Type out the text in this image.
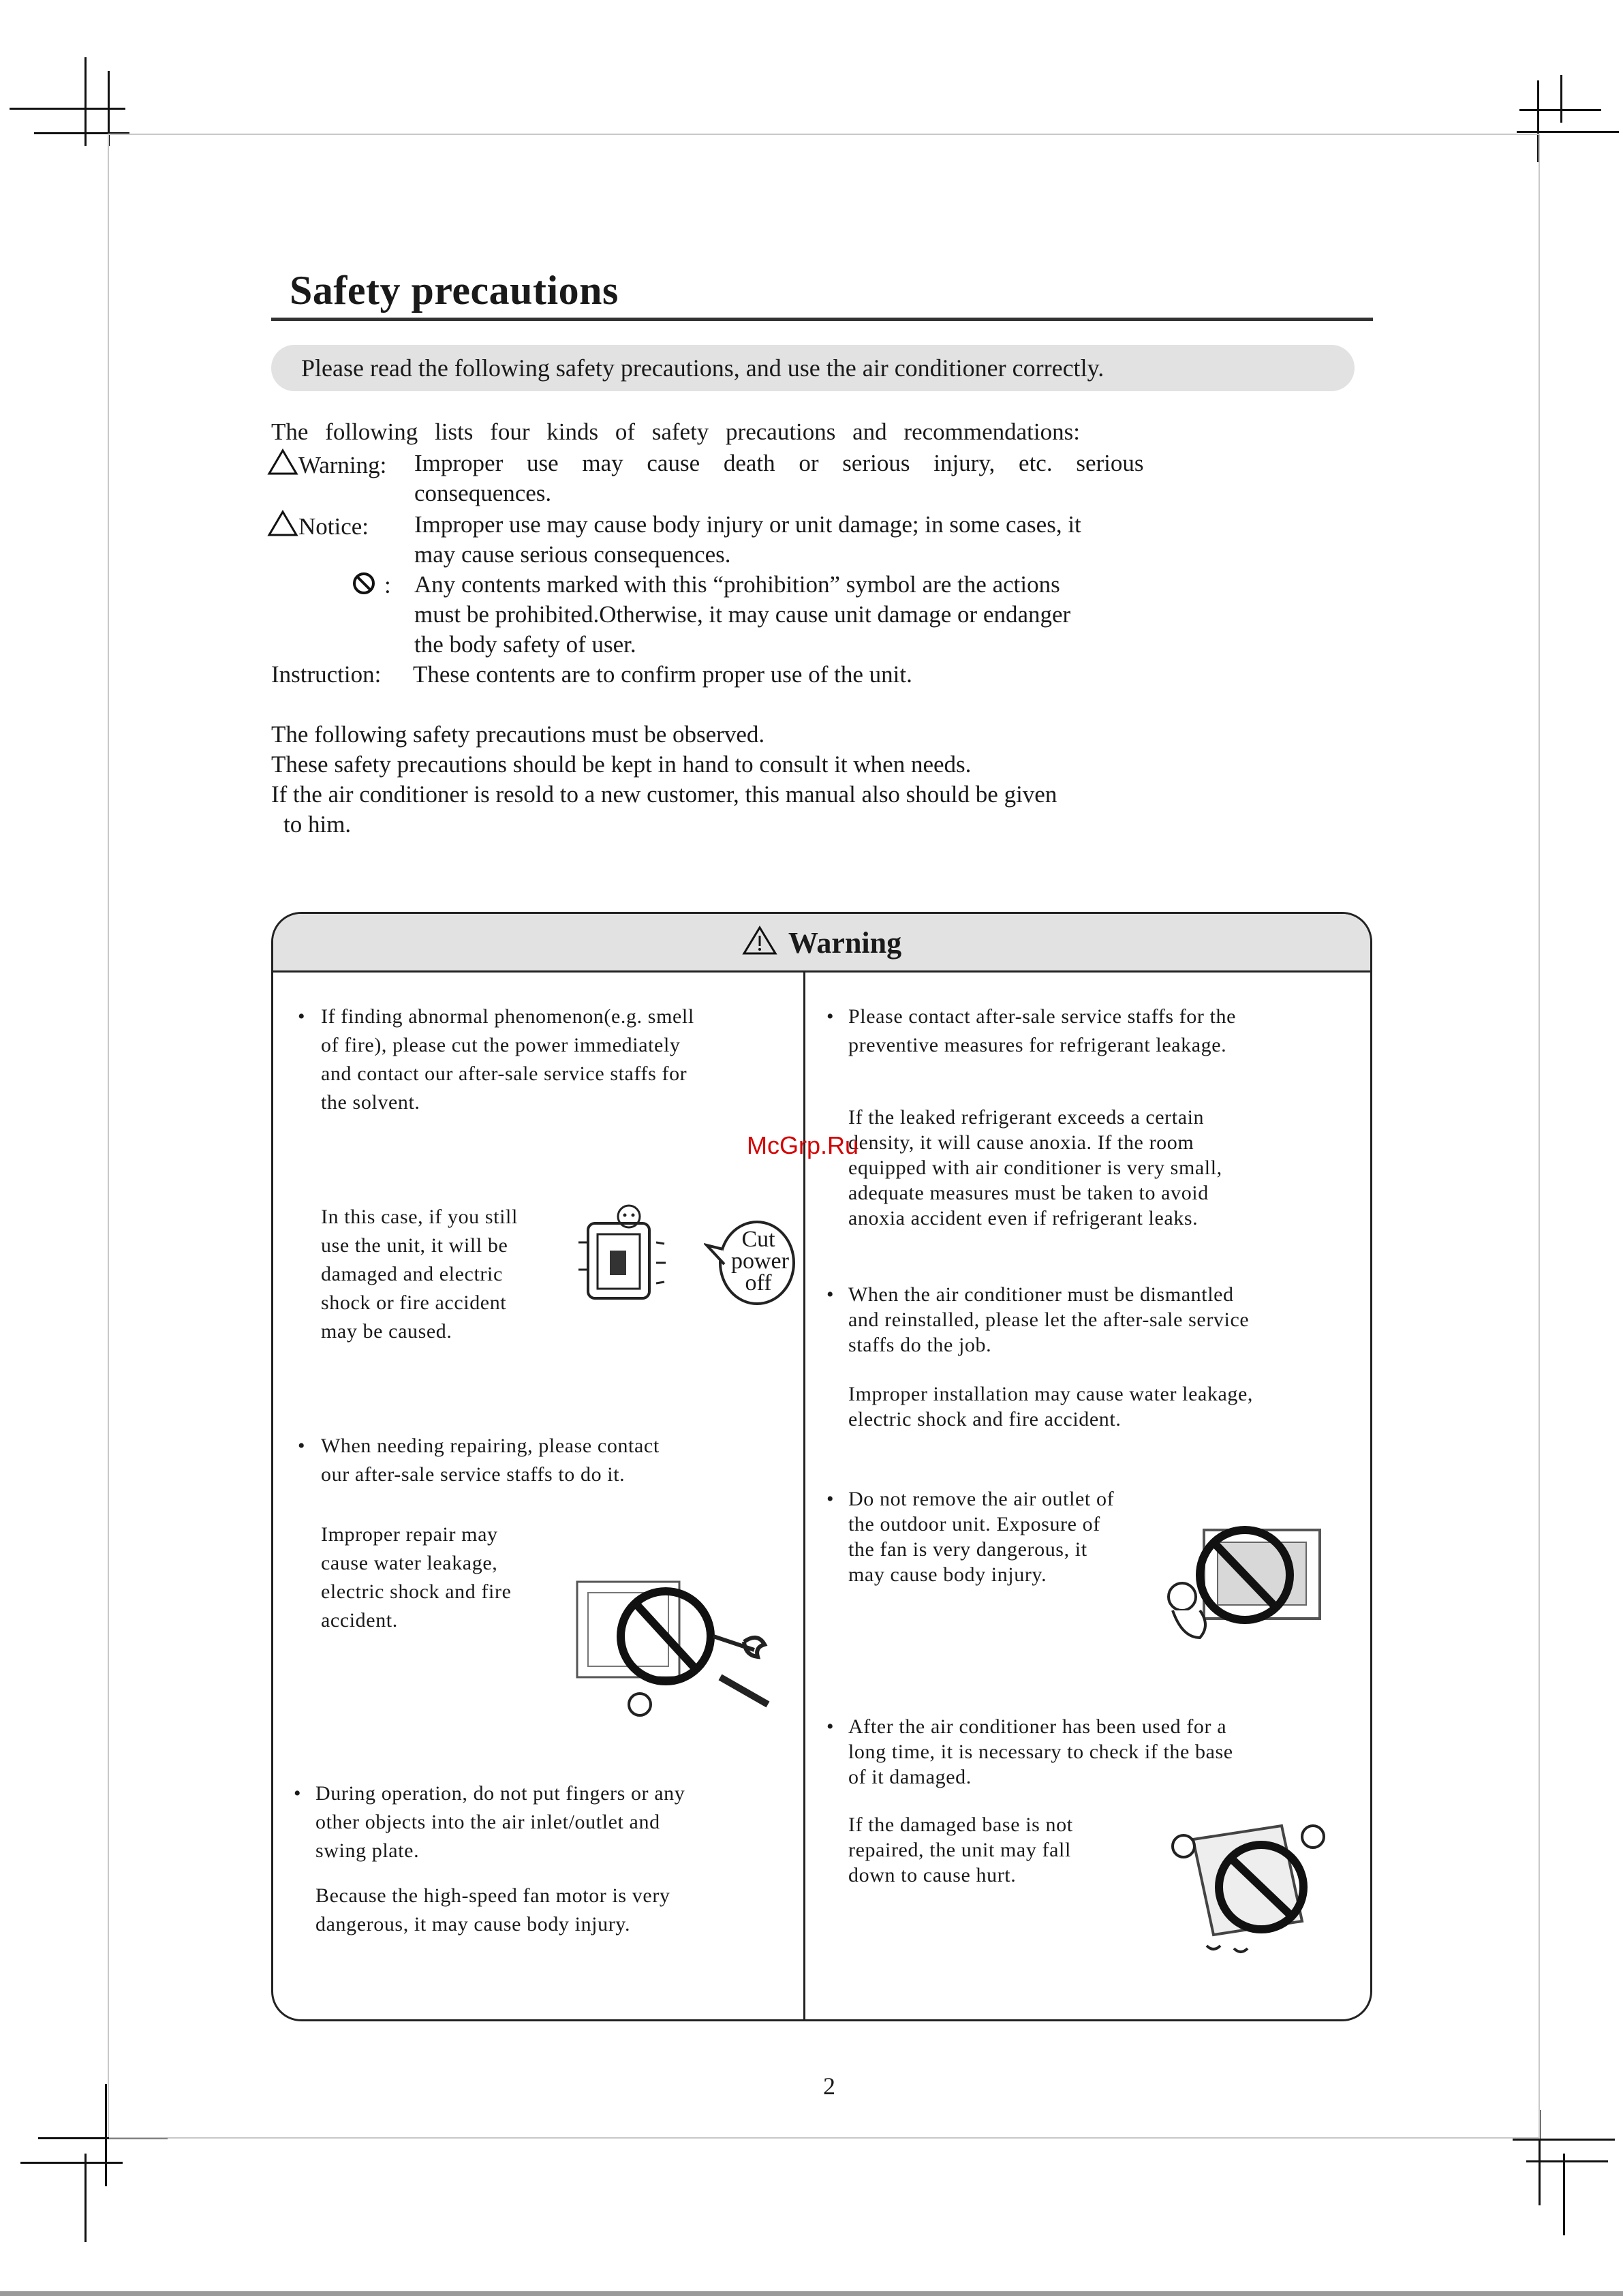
Safety precautions
Please read the following safety precautions, and use the air conditioner correctly.
The following lists four kinds of safety precautions and recommendations:
Warning: Improper use may cause death or serious injury, etc. serious
consequences.
Notice: Improper use may cause body injury or unit damage; in some cases, it
may cause serious consequences.
: Any contents marked with this “prohibition” symbol are the actions
must be prohibited.Otherwise, it may cause unit damage or endanger
the body safety of user.
Instruction: These contents are to confirm proper use of the unit.
The following safety precautions must be observed.
These safety precautions should be kept in hand to consult it when needs.
If the air conditioner is resold to a new customer, this manual also should be given
to him.
Warning
• If finding abnormal phenomenon(e.g. smell
of fire), please cut the power immediately
and contact our after-sale service staffs for
the solvent.
In this case, if you still
use the unit, it will be
damaged and electric
shock or fire accident
may be caused.
Cut
power
off
• When needing repairing, please contact
our after-sale service staffs to do it.
Improper repair may
cause water leakage,
electric shock and fire
accident.
• During operation, do not put fingers or any
other objects into the air inlet/outlet and
swing plate.
Because the high-speed fan motor is very
dangerous, it may cause body injury.
• Please contact after-sale service staffs for the
preventive measures for refrigerant leakage.
If the leaked refrigerant exceeds a certain
density, it will cause anoxia. If the room
equipped with air conditioner is very small,
adequate measures must be taken to avoid
anoxia accident even if refrigerant leaks.
• When the air conditioner must be dismantled
and reinstalled, please let the after-sale service
staffs do the job.
Improper installation may cause water leakage,
electric shock and fire accident.
• Do not remove the air outlet of
the outdoor unit. Exposure of
the fan is very dangerous, it
may cause body injury.
• After the air conditioner has been used for a
long time, it is necessary to check if the base
of it damaged.
If the damaged base is not
repaired, the unit may fall
down to cause hurt.
McGrp.Ru
2
